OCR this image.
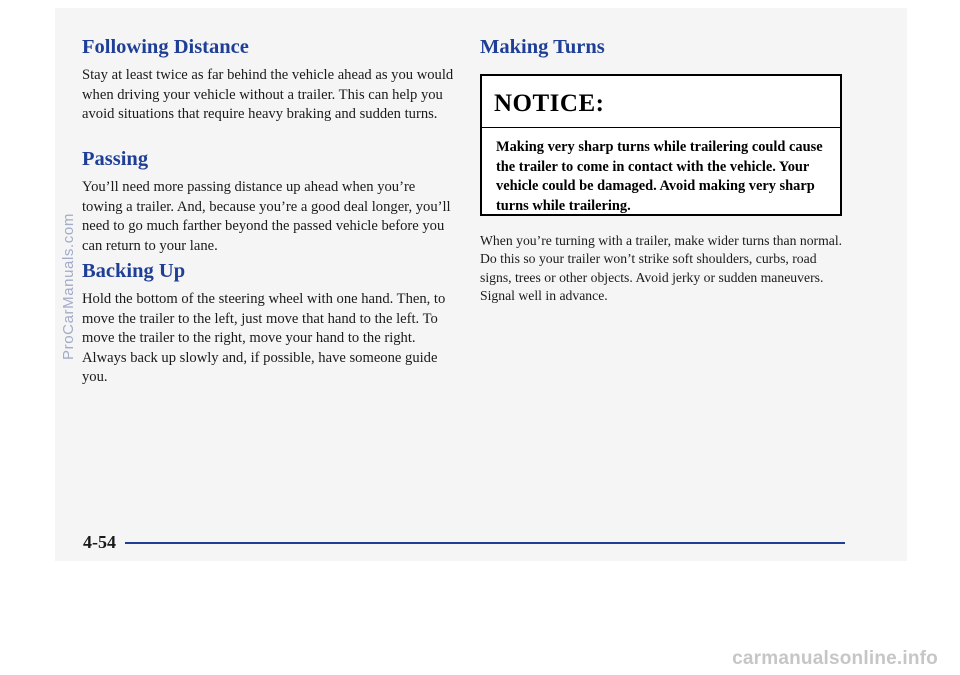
Following Distance

Stay at least twice as far behind the vehicle ahead as you would when driving your vehicle without a trailer. This can help you avoid situations that require heavy braking and sudden turns.

Passing

You’ll need more passing distance up ahead when you’re towing a trailer. And, because you’re a good deal longer, you’ll need to go much farther beyond the passed vehicle before you can return to your lane.

Backing Up

Hold the bottom of the steering wheel with one hand. Then, to move the trailer to the left, just move that hand to the left. To move the trailer to the right, move your hand to the right. Always back up slowly and, if possible, have someone guide you.

Making Turns
NOTICE:
Making very sharp turns while trailering could cause the trailer to come in contact with the vehicle. Your vehicle could be damaged. Avoid making very sharp turns while trailering.

When you’re turning with a trailer, make wider turns than normal. Do this so your trailer won’t strike soft shoulders, curbs, road signs, trees or other objects. Avoid jerky or sudden maneuvers. Signal well in advance.

4-54
ProCarManuals.com
carmanualsonline.info
